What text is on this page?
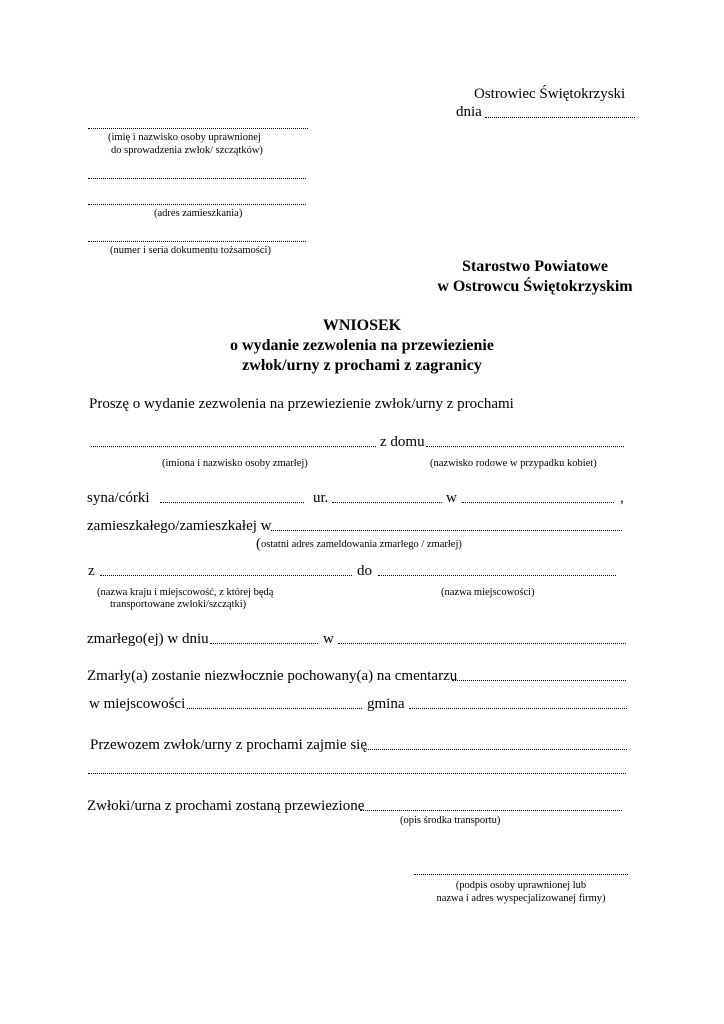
Ostrowiec Świętokrzyski
dnia
(imię i nazwisko osoby uprawnionej
do sprowadzenia zwłok/ szczątków)
(adres zamieszkania)
(numer i seria dokumentu tożsamości)
Starostwo Powiatowe
w Ostrowcu Świętokrzyskim
WNIOSEK
o wydanie zezwolenia na przewiezienie
zwłok/urny z prochami z zagranicy
Proszę o wydanie zezwolenia na przewiezienie zwłok/urny z prochami
z domu
(imiona i nazwisko osoby zmarłej)	(nazwisko rodowe w przypadku kobiet)
syna/córki	ur.	w	,
zamieszkałego/zamieszkałej w
( ostatni adres zameldowania zmarłego / zmarłej)
z	do
(nazwa kraju i miejscowość, z której będą
transportowane zwłoki/szczątki)
(nazwa miejscowości)
zmarłego(ej) w dniu	w
Zmarły(a) zostanie niezwłocznie pochowany(a) na cmentarzu
w miejscowości	gmina
Przewozem zwłok/urny z prochami zajmie się
Zwłoki/urna z prochami zostaną przewiezione
(opis środka transportu)
(podpis osoby uprawnionej lub
nazwa i adres wyspecjalizowanej firmy)
